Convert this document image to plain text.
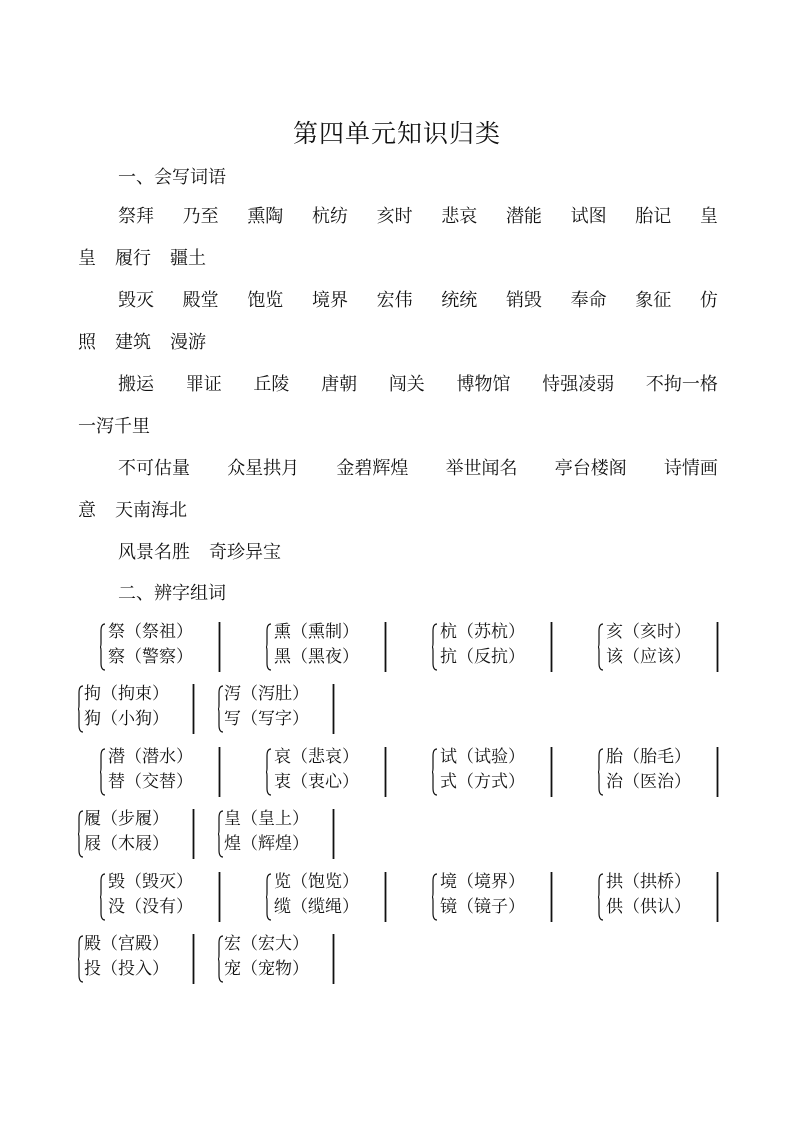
第四单元知识归类
一、会写词语
祭拜 乃至 熏陶 杭纺 亥时 悲哀 潜能 试图 胎记 皇
皇 履行 疆土
毁灭 殿堂 饱览 境界 宏伟 统统 销毁 奉命 象征 仿
照 建筑 漫游
搬运 罪证 丘陵 唐朝 闯关 博物馆 恃强凌弱 不拘一格
一泻千里
不可估量 众星拱月 金碧辉煌 举世闻名 亭台楼阁 诗情画
意 天南海北
风景名胜 奇珍异宝
二、辨字组词
祭（祭祖）
察（警察）
熏（熏制）
黑（黑夜）
杭（苏杭）
抗（反抗）
亥（亥时）
该（应该）
拘（拘束）
狗（小狗）
泻（泻肚）
写（写字）
潜（潜水）
替（交替）
哀（悲哀）
衷（衷心）
试（试验）
式（方式）
胎（胎毛）
治（医治）
履（步履）
屐（木屐）
皇（皇上）
煌（辉煌）
毁（毁灭）
没（没有）
览（饱览）
缆（缆绳）
境（境界）
镜（镜子）
拱（拱桥）
供（供认）
殿（宫殿）
投（投入）
宏（宏大）
宠（宠物）
